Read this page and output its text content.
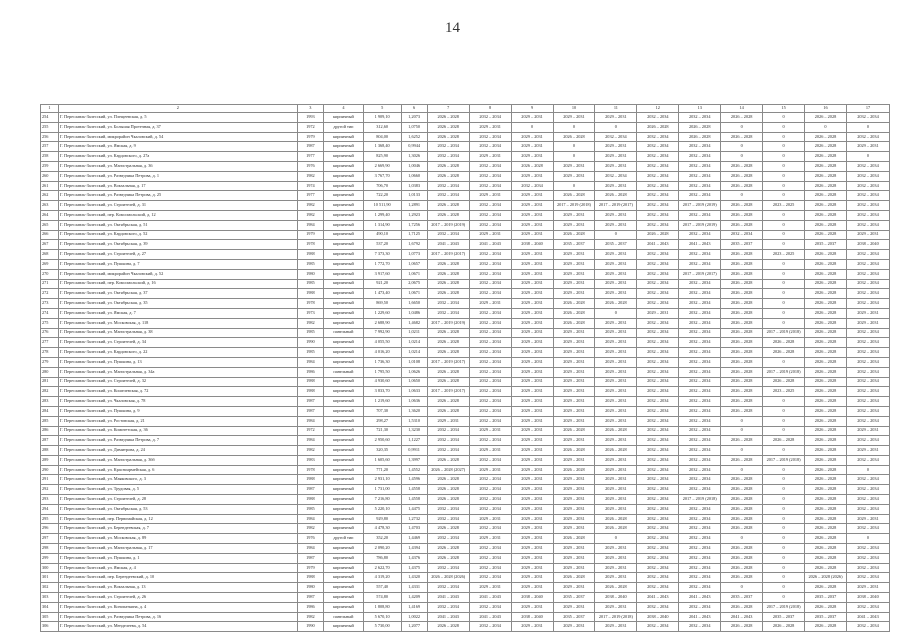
14
1	2	3	4	5	6	7	8	9	10	11	12	13	14	15	16	17
254	Г. Переславль-Залесский, ул. Плещеевская, д. 5	1993	кирпичный	1 909,10	1,2073	2026 – 2028	2032 – 2034	2029 – 2031	2029 – 2031	2029 – 2031	2032 – 2034	2032 – 2034	2026 – 2028	0	2026 – 2028	2032 – 2034
255	Г. Переславль-Залесский, ул. Большая Протечная, д. 37	1972	другой тип	312,60	1,0750	2026 – 2028	2029 – 2031	0	0	0	2026 – 2028	2026 – 2028	0	0	0	0
256	Г. Переславль-Залесский, микрорайон Чкаловский, д. 54	1979	кирпичный	804,00	1,6252	2026 – 2028	2032 – 2034	2029 – 2031	2026 – 2028	2032 – 2034	2032 – 2034	2026 – 2028	2026 – 2028	0	2026 – 2028	2032 – 2034
257	Г. Переславль-Залесский, ул. Ямская, д. 9	1987	кирпичный	1 368,40	0,9944	2032 – 2034	2032 – 2034	2029 – 2031	0	2029 – 2031	2032 – 2034	2032 – 2034	0	0	2026 – 2028	2029 – 2031
258	Г. Переславль-Залесский, ул. Кардовского, д. 27а	1977	кирпичный	825,90	1,3026	2032 – 2034	2029 – 2031	2029 – 2031	0	2029 – 2031	2032 – 2034	2032 – 2034	0	0	2026 – 2028	0
259	Г. Переславль-Залесский, ул. Магистральная, д. 36	1976	кирпичный	2 669,90	1,0046	2026 – 2028	2032 – 2034	2026 – 2028	2029 – 2031	2029 – 2031	2032 – 2034	2032 – 2034	2026 – 2028	0	2026 – 2028	2032 – 2034
260	Г. Переславль-Залесский, ул. Разведчика Петрова, д. 1	1982	кирпичный	3 767,70	1,0660	2026 – 2028	2032 – 2034	2029 – 2031	2029 – 2031	2032 – 2034	2032 – 2034	2032 – 2034	2026 – 2028	0	2026 – 2028	2032 – 2034
261	Г. Переславль-Залесский, ул. Вокзальная, д. 17	1974	кирпичный	706,70	1,0383	2032 – 2034	2032 – 2034	2032 – 2034	0	2029 – 2031	2032 – 2034	2032 – 2034	2026 – 2028	0	2026 – 2028	2032 – 2034
262	Г. Переславль-Залесский, ул. Разведчика Петрова, д. 25	1977	кирпичный	722,20	1,0133	2032 – 2034	2029 – 2031	2029 – 2031	2026 – 2028	2026 – 2028	2032 – 2034	2032 – 2034	0	0	2026 – 2028	2032 – 2034
263	Г. Переславль-Залесский, ул. Строителей, д. 31	1982	кирпичный	10 511,90	1,2891	2026 – 2028	2032 – 2034	2029 – 2031	2017 – 2019 (2018)	2017 – 2019 (2017)	2032 – 2034	2017 – 2019 (2019)	2026 – 2028	2023 – 2025	2026 – 2028	2032 – 2034
264	Г. Переславль-Залесский, пер. Комсомольский, д. 12	1982	кирпичный	1 299,40	1,2923	2026 – 2028	2032 – 2034	2029 – 2031	2029 – 2031	2029 – 2031	2032 – 2034	2032 – 2034	2026 – 2028	0	2026 – 2028	2032 – 2034
265	Г. Переславль-Залесский, ул. Октябрьская, д. 51	1984	кирпичный	1 314,90	1,7256	2017 – 2019 (2019)	2032 – 2034	2029 – 2031	2029 – 2031	2029 – 2031	2032 – 2034	2017 – 2019 (2019)	2026 – 2028	0	2026 – 2028	2032 – 2034
266	Г. Переславль-Залесский, ул. Кардовского, д. 52	1979	кирпичный	490,10	1,7125	2032 – 2034	2029 – 2031	2029 – 2031	2026 – 2028	0	2026 – 2028	2032 – 2034	2032 – 2034	0	2026 – 2028	2029 – 2031
267	Г. Переславль-Залесский, ул. Октябрьская, д. 39	1978	кирпичный	537,20	1,6792	2041 – 2043	2041 – 2043	2038 – 2040	2035 – 2037	2035 – 2037	2041 – 2043	2041 – 2043	2035 – 2037	0	2035 – 2037	2038 – 2040
268	Г. Переславль-Залесский, ул. Строителей, д. 27	1988	кирпичный	7 373,30	1,0773	2017 – 2019 (2017)	2032 – 2034	2029 – 2031	2029 – 2031	2029 – 2031	2032 – 2034	2032 – 2034	2026 – 2028	2023 – 2025	2026 – 2028	2032 – 2034
269	Г. Переславль-Залесский, ул. Пушкина, д. 7	1985	кирпичный	1 772,70	1,0657	2026 – 2028	2032 – 2034	2029 – 2031	2029 – 2031	2029 – 2031	2032 – 2034	2032 – 2034	2026 – 2028	0	2026 – 2028	2032 – 2034
270	Г. Переславль-Залесский, микрорайон Чкаловский, д. 52	1980	кирпичный	3 917,60	1,0671	2026 – 2028	2032 – 2034	2029 – 2031	2029 – 2031	2029 – 2031	2032 – 2034	2017 – 2019 (2017)	2026 – 2028	0	2026 – 2028	2032 – 2034
271	Г. Переславль-Залесский, пер. Комсомольский, д. 16	1985	кирпичный	921,20	2,0675	2026 – 2028	2032 – 2034	2029 – 2031	2029 – 2031	2029 – 2031	2032 – 2034	2032 – 2034	2026 – 2028	0	2026 – 2028	2032 – 2034
272	Г. Переславль-Залесский, ул. Октябрьская, д. 37	1988	кирпичный	1 473,40	1,0671	2026 – 2028	2032 – 2034	2029 – 2031	2029 – 2031	2029 – 2031	2032 – 2034	2032 – 2034	2026 – 2028	0	2026 – 2028	2032 – 2034
273	Г. Переславль-Залесский, ул. Октябрьская, д. 35	1978	кирпичный	869,50	1,6650	2032 – 2034	2029 – 2031	2029 – 2031	2026 – 2028	2026 – 2028	2032 – 2034	2032 – 2034	2026 – 2028	0	2026 – 2028	2032 – 2034
274	Г. Переславль-Залесский, ул. Ямская, д. 7	1973	кирпичный	1 229,60	1,0486	2032 – 2034	2032 – 2034	2029 – 2031	2026 – 2028	0	2029 – 2031	2032 – 2034	2026 – 2028	0	2026 – 2028	2029 – 2031
275	Г. Переславль-Залесский, ул. Московская, д. 118	1982	кирпичный	2 688,90	1,4682	2017 – 2019 (2019)	2032 – 2034	2029 – 2031	2026 – 2028	2029 – 2031	2032 – 2034	2032 – 2034	2026 – 2028	0	2026 – 2028	2029 – 2031
276	Г. Переславль-Залесский, ул. Магистральная, д. 38	1985	панельный	7 992,90	1,0211	2026 – 2028	2032 – 2034	2029 – 2031	2029 – 2031	2029 – 2031	2032 – 2034	2032 – 2034	2026 – 2028	2017 – 2019 (2018)	2026 – 2028	2032 – 2034
277	Г. Переславль-Залесский, ул. Строителей, д. 34	1990	кирпичный	4 055,50	1,0214	2026 – 2028	2032 – 2034	2029 – 2031	2029 – 2031	2029 – 2031	2032 – 2034	2032 – 2034	2026 – 2028	2026 – 2028	2026 – 2028	2032 – 2034
278	Г. Переславль-Залесский, ул. Кардовского, д. 22	1985	кирпичный	4 016,20	1,0214	2026 – 2028	2032 – 2034	2029 – 2031	2029 – 2031	2029 – 2031	2032 – 2034	2032 – 2034	2026 – 2028	2026 – 2028	2026 – 2028	2032 – 2034
279	Г. Переславль-Залесский, ул. Пушкина, д. 13	1984	кирпичный	1 736,30	1,0108	2017 – 2019 (2017)	2032 – 2034	2029 – 2031	2029 – 2031	2029 – 2031	2032 – 2034	2032 – 2034	2026 – 2028	0	2026 – 2028	2032 – 2034
280	Г. Переславль-Залесский, ул. Магистральная, д. 34а	1986	панельный	1 795,50	1,0626	2026 – 2028	2032 – 2034	2029 – 2031	2029 – 2031	2029 – 2031	2032 – 2034	2032 – 2034	2026 – 2028	2017 – 2019 (2018)	2026 – 2028	2032 – 2034
281	Г. Переславль-Залесский, ул. Строителей, д. 32	1988	кирпичный	4 930,60	1,0650	2026 – 2028	2032 – 2034	2029 – 2031	2029 – 2031	2029 – 2031	2032 – 2034	2032 – 2034	2026 – 2028	2026 – 2028	2026 – 2028	2032 – 2034
282	Г. Переславль-Залесский, ул. Кошелевская, д. 72	1988	кирпичный	3 833,70	1,0633	2017 – 2019 (2017)	2032 – 2034	2029 – 2031	2029 – 2031	2029 – 2031	2032 – 2034	2032 – 2034	2026 – 2028	2023 – 2025	2026 – 2028	2032 – 2034
283	Г. Переславль-Залесский, ул. Чкаловская, д. 78	1987	кирпичный	1 219,60	1,0636	2026 – 2028	2032 – 2034	2029 – 2031	2029 – 2031	2029 – 2031	2032 – 2034	2032 – 2034	2026 – 2028	0	2026 – 2028	2032 – 2034
284	Г. Переславль-Залесский, ул. Пушкина, д. 9	1987	кирпичный	707,30	1,3620	2026 – 2028	2032 – 2034	2029 – 2031	2029 – 2031	2029 – 2031	2032 – 2034	2032 – 2034	2026 – 2028	0	2026 – 2028	2032 – 2034
285	Г. Переславль-Залесский, ул. Ростовская, д. 21	1984	кирпичный	298,27	1,5310	2029 – 2031	2032 – 2034	2029 – 2031	2029 – 2031	2029 – 2031	2032 – 2034	2032 – 2034	0	0	2026 – 2028	2032 – 2034
286	Г. Переславль-Залесский, ул. Комитетская, д. 36	1972	кирпичный	721,30	1,3230	2032 – 2034	2029 – 2031	2029 – 2031	2026 – 2028	2026 – 2028	2032 – 2034	2032 – 2034	0	0	2026 – 2028	2029 – 2031
287	Г. Переславль-Залесский, ул. Разведчика Петрова, д. 7	1984	кирпичный	2 950,60	1,1227	2032 – 2034	2032 – 2034	2029 – 2031	2029 – 2031	2029 – 2031	2032 – 2034	2032 – 2034	2026 – 2028	2026 – 2028	2026 – 2028	2032 – 2034
288	Г. Переславль-Залесский, ул. Димитрова, д. 24	1982	кирпичный	320,35	0,9911	2032 – 2034	2029 – 2031	2029 – 2031	2026 – 2028	2026 – 2028	2032 – 2034	2032 – 2034	0	0	2026 – 2028	2029 – 2031
289	Г. Переславль-Залесский, ул. Магистральная, д. 36б	1983	кирпичный	1 605,60	1,3997	2026 – 2028	2032 – 2034	2029 – 2031	2029 – 2031	2029 – 2031	2032 – 2034	2032 – 2034	2026 – 2028	2017 – 2019 (2018)	2026 – 2028	2032 – 2034
290	Г. Переславль-Залесский, ул. Красноармейская, д. 6	1978	кирпичный	771,20	1,4552	2026 – 2028 (2027)	2029 – 2031	2029 – 2031	2026 – 2028	2029 – 2031	2032 – 2034	2032 – 2034	0	0	2026 – 2028	0
291	Г. Переславль-Залесский, ул. Маяковского, д. 3	1988	кирпичный	2 931,10	1,4596	2026 – 2028	2032 – 2034	2029 – 2031	2029 – 2031	2029 – 2031	2032 – 2034	2032 – 2034	2026 – 2028	0	2026 – 2028	2032 – 2034
292	Г. Переславль-Залесский, ул. Трудовая, д. 5	1987	кирпичный	1 731,00	1,4558	2026 – 2028	2032 – 2034	2029 – 2031	2029 – 2031	2029 – 2031	2032 – 2034	2032 – 2034	2026 – 2028	0	2026 – 2028	2032 – 2034
293	Г. Переславль-Залесский, ул. Строителей, д. 28	1988	кирпичный	7 216,80	1,4558	2026 – 2028	2032 – 2034	2029 – 2031	2029 – 2031	2029 – 2031	2032 – 2034	2017 – 2019 (2018)	2026 – 2028	0	2026 – 2028	2032 – 2034
294	Г. Переславль-Залесский, ул. Октябрьская, д. 53	1985	кирпичный	5 220,10	1,4475	2032 – 2034	2032 – 2034	2029 – 2031	2029 – 2031	2029 – 2031	2032 – 2034	2032 – 2034	2026 – 2028	0	2026 – 2028	2032 – 2034
295	Г. Переславль-Залесский, пер. Первомайская, д. 12	1984	кирпичный	929,80	1,2732	2032 – 2034	2029 – 2031	2029 – 2031	2029 – 2031	2026 – 2028	2032 – 2034	2032 – 2034	2026 – 2028	0	2026 – 2028	2029 – 2031
296	Г. Переславль-Залесский, ул. Берендеевская, д. 7	1982	кирпичный	4 478,30	1,4703	2026 – 2028	2032 – 2034	2029 – 2031	2029 – 2031	2026 – 2028	2032 – 2034	2032 – 2034	2026 – 2028	0	2026 – 2028	2032 – 2034
297	Г. Переславль-Залесский, ул. Московская, д. 89	1976	другой тип	352,20	1,4469	2032 – 2034	2029 – 2031	2029 – 2031	2026 – 2028	0	2032 – 2034	2032 – 2034	0	0	2026 – 2028	0
298	Г. Переславль-Залесский, ул. Магистральная, д. 17	1984	кирпичный	2 090,20	1,4394	2026 – 2028	2032 – 2034	2029 – 2031	2029 – 2031	2029 – 2031	2032 – 2034	2032 – 2034	2026 – 2028	0	2026 – 2028	2032 – 2034
299	Г. Переславль-Залесский, ул. Пушкина, д. 1	1987	кирпичный	786,80	1,4376	2026 – 2028	2032 – 2034	2029 – 2031	2029 – 2031	2029 – 2031	2032 – 2034	2032 – 2034	2026 – 2028	0	2026 – 2028	2032 – 2034
300	Г. Переславль-Залесский, ул. Ямская, д. 4	1979	кирпичный	2 622,70	1,4375	2032 – 2034	2032 – 2034	2029 – 2031	2029 – 2031	2029 – 2031	2032 – 2034	2032 – 2034	2026 – 2028	0	2026 – 2028	2032 – 2034
301	Г. Переславль-Залесский, пер. Берендеевский, д. 10	1988	кирпичный	4 319,20	1,4320	2026 – 2028 (2026)	2032 – 2034	2029 – 2031	2026 – 2028	2029 – 2031	2032 – 2034	2032 – 2034	2026 – 2028	0	2026 – 2028 (2026)	2032 – 2034
302	Г. Переславль-Залесский, ул. Вокзальная, д. 13	1980	кирпичный	557,40	1,4331	2032 – 2034	2029 – 2031	2029 – 2031	2029 – 2031	2026 – 2028	2032 – 2034	2032 – 2034	0	0	2026 – 2028	2029 – 2031
303	Г. Переславль-Залесский, ул. Строителей, д. 26	1987	кирпичный	574,80	1,4209	2041 – 2043	2041 – 2043	2038 – 2040	2035 – 2037	2038 – 2040	2041 – 2043	2041 – 2043	2035 – 2037	0	2035 – 2037	2038 – 2040
304	Г. Переславль-Залесский, ул. Конопаткина, д. 4	1986	кирпичный	1 808,80	1,4169	2032 – 2034	2032 – 2034	2029 – 2031	2029 – 2031	2029 – 2031	2032 – 2034	2032 – 2034	2026 – 2028	2017 – 2019 (2018)	2026 – 2028	2032 – 2034
305	Г. Переславль-Залесский, ул. Разведчика Петрова, д. 16	1982	панельный	5 670,10	1,0022	2041 – 2043	2041 – 2043	2038 – 2040	2035 – 2037	2017 – 2019 (2018)	2038 – 2040	2041 – 2043	2041 – 2043	2035 – 2037	2035 – 2037	2041 – 2043
306	Г. Переславль-Залесский, ул. Менделеева, д. 54	1990	кирпичный	5 730,00	1,2077	2026 – 2028	2032 – 2034	2029 – 2031	2029 – 2031	2029 – 2031	2032 – 2034	2032 – 2034	2026 – 2028	2026 – 2028	2026 – 2028	2032 – 2034
